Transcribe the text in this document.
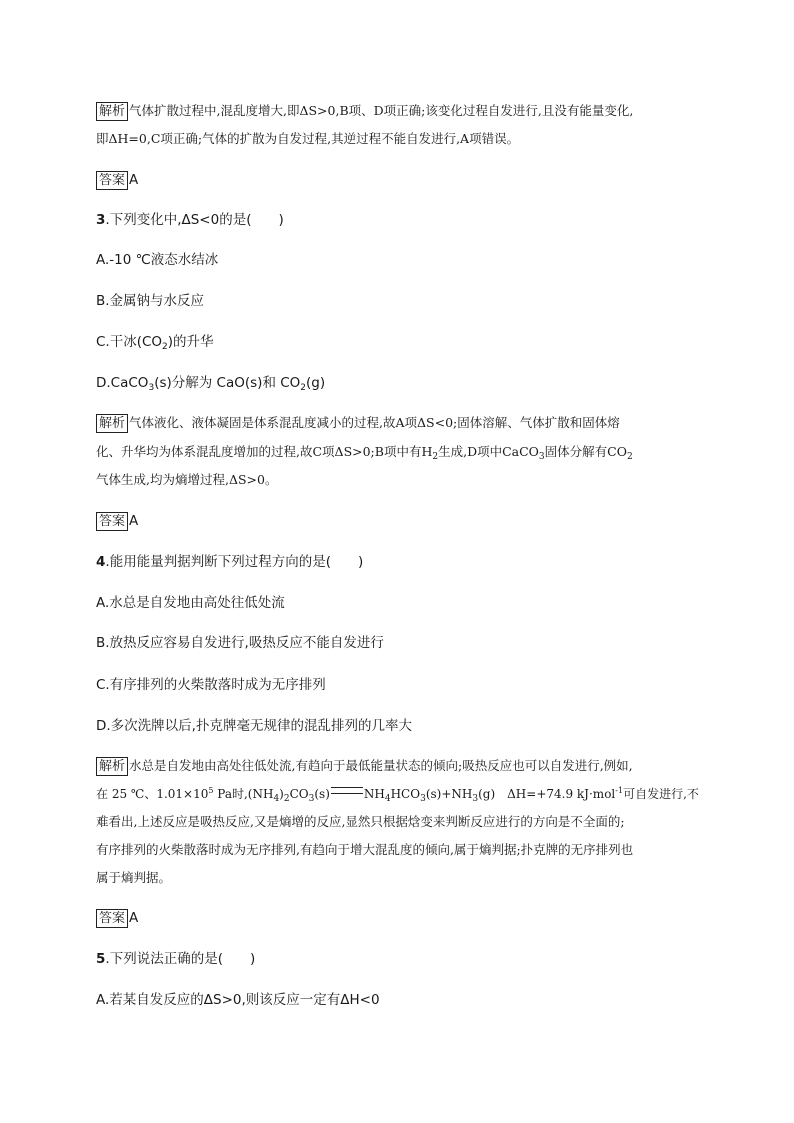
解析 气体扩散过程中,混乱度增大,即ΔS>0,B项、D项正确;该变化过程自发进行,且没有能量变化,
即ΔH=0,C项正确;气体的扩散为自发过程,其逆过程不能自发进行,A项错误。
答案 A
3.下列变化中,ΔS<0的是(　　)
A.-10 ℃液态水结冰
B.金属钠与水反应
C.干冰$(CO_2)$的升华
D.CaCO$_3$(s)分解为 CaO(s)和 $CO_2(g)$
解析 气体液化、液体凝固是体系混乱度减小的过程,故A项ΔS<0;固体溶解、气体扩散和固体熔
化、升华均为体系混乱度增加的过程,故C项ΔS>0;B项中有$H_2$生成,D项中CaCO$_3$固体分解有$CO_2$
气体生成,均为熵增过程,ΔS>0。
答案 A
4.能用能量判据判断下列过程方向的是(　　)
A.水总是自发地由高处往低处流
B.放热反应容易自发进行,吸热反应不能自发进行
C.有序排列的火柴散落时成为无序排列
D.多次洗牌以后,扑克牌毫无规律的混乱排列的几率大
解析 水总是自发地由高处往低处流,有趋向于最低能量状态的倾向;吸热反应也可以自发进行,例如,
在 25 ℃、$1.01\times 10^5$ Pa时$,(NH_4)_2CO_3(s)$	$NH_4HCO_3(s)+NH_3(g)$　ΔH=+74.9 kJ·mol$^{-1}$可自发进行,不
难看出,上述反应是吸热反应,又是熵增的反应,显然只根据焓变来判断反应进行的方向是不全面的;
有序排列的火柴散落时成为无序排列,有趋向于增大混乱度的倾向,属于熵判据;扑克牌的无序排列也
属于熵判据。
答案 A
5.下列说法正确的是(　　)
A.若某自发反应的ΔS>0,则该反应一定有ΔH<0
